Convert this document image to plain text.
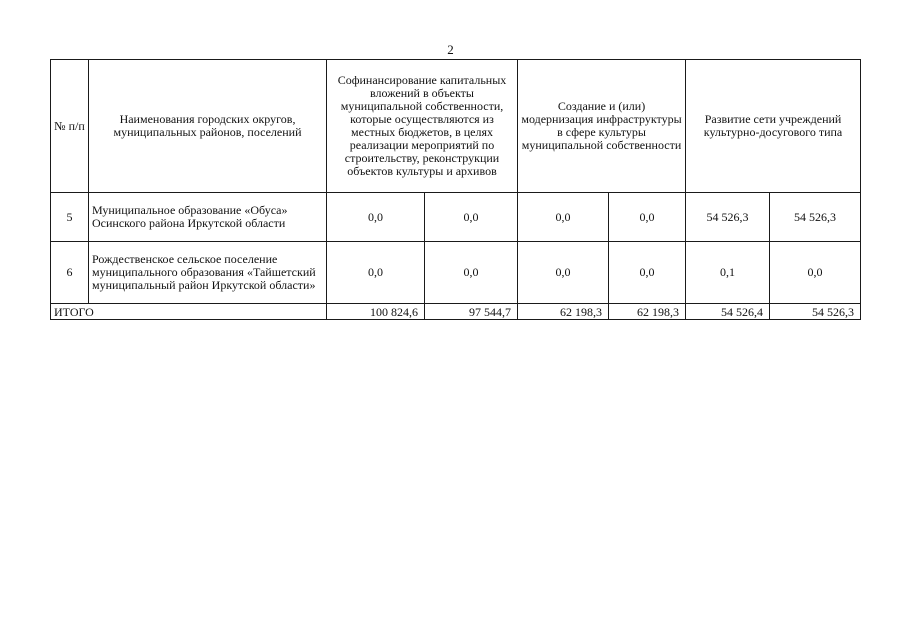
2
№ п/п	Наименования городских округов, муниципальных районов, поселений	Софинансирование капитальных вложений в объекты муниципальной собственности, которые осуществляются из местных бюджетов, в целях реализации мероприятий по строительству, реконструкции объектов культуры и архивов		Создание и (или) модернизация инфраструктуры в сфере культуры муниципальной собственности		Развитие сети учреждений культурно-досугового типа	
5	Муниципальное образование «Обуса» Осинского района Иркутской области	0,0	0,0	0,0	0,0	54 526,3	54 526,3
6	Рождественское сельское поселение муниципального образования «Тайшетский муниципальный район Иркутской области»	0,0	0,0	0,0	0,0	0,1	0,0
ИТОГО		100 824,6	97 544,7	62 198,3	62 198,3	54 526,4	54 526,3
